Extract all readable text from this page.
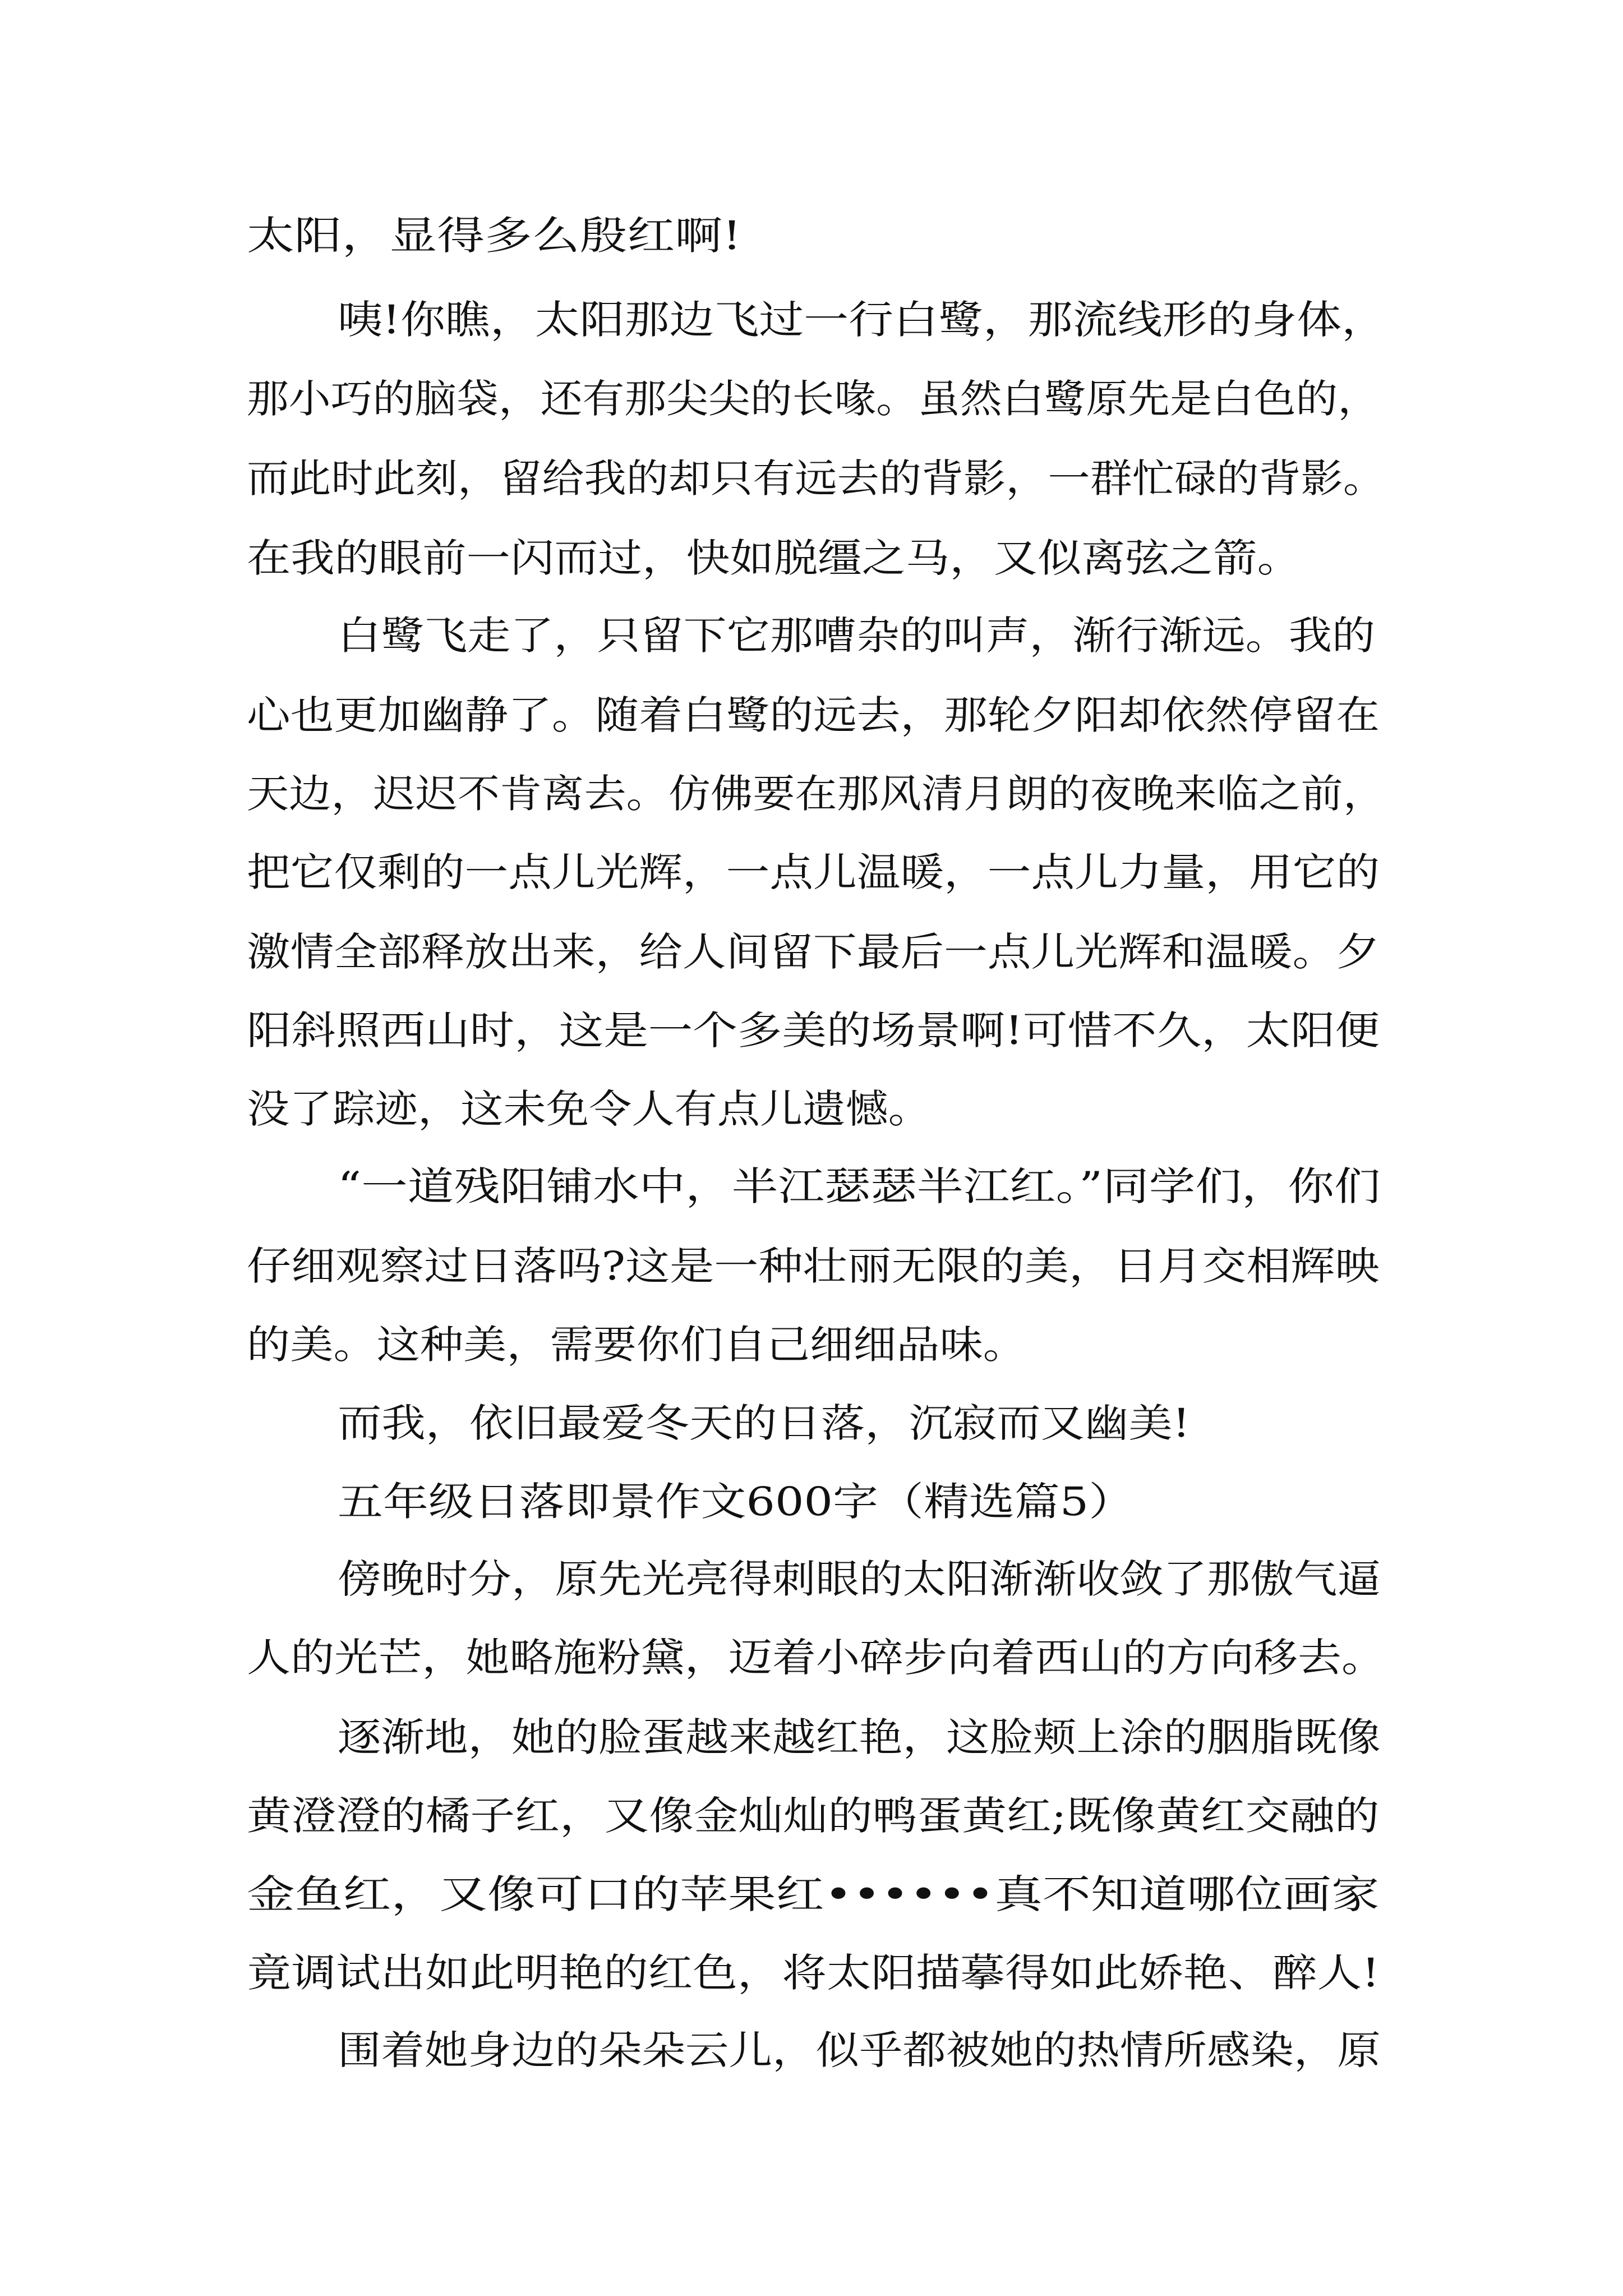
太阳，显得多么殷红啊!
咦!你瞧，太阳那边飞过一行白鹭，那流线形的身体，
那小巧的脑袋，还有那尖尖的长喙。虽然白鹭原先是白色的，
而此时此刻，留给我的却只有远去的背影，一群忙碌的背影。
在我的眼前一闪而过，快如脱缰之马，又似离弦之箭。
白鹭飞走了，只留下它那嘈杂的叫声，渐行渐远。我的
心也更加幽静了。随着白鹭的远去，那轮夕阳却依然停留在
天边，迟迟不肯离去。仿佛要在那风清月朗的夜晚来临之前，
把它仅剩的一点儿光辉，一点儿温暖，一点儿力量，用它的
激情全部释放出来，给人间留下最后一点儿光辉和温暖。夕
阳斜照西山时，这是一个多美的场景啊!可惜不久，太阳便
没了踪迹，这未免令人有点儿遗憾。
“一道残阳铺水中，半江瑟瑟半江红。”同学们，你们
仔细观察过日落吗?这是一种壮丽无限的美，日月交相辉映
的美。这种美，需要你们自己细细品味。
而我，依旧最爱冬天的日落，沉寂而又幽美!
五年级日落即景作文600字（精选篇5）
傍晚时分，原先光亮得刺眼的太阳渐渐收敛了那傲气逼
人的光芒，她略施粉黛，迈着小碎步向着西山的方向移去。
逐渐地，她的脸蛋越来越红艳，这脸颊上涂的胭脂既像
黄澄澄的橘子红，又像金灿灿的鸭蛋黄红;既像黄红交融的
金鱼红，又像可口的苹果红••••••真不知道哪位画家
竟调试出如此明艳的红色，将太阳描摹得如此娇艳、醉人!
围着她身边的朵朵云儿，似乎都被她的热情所感染，原
